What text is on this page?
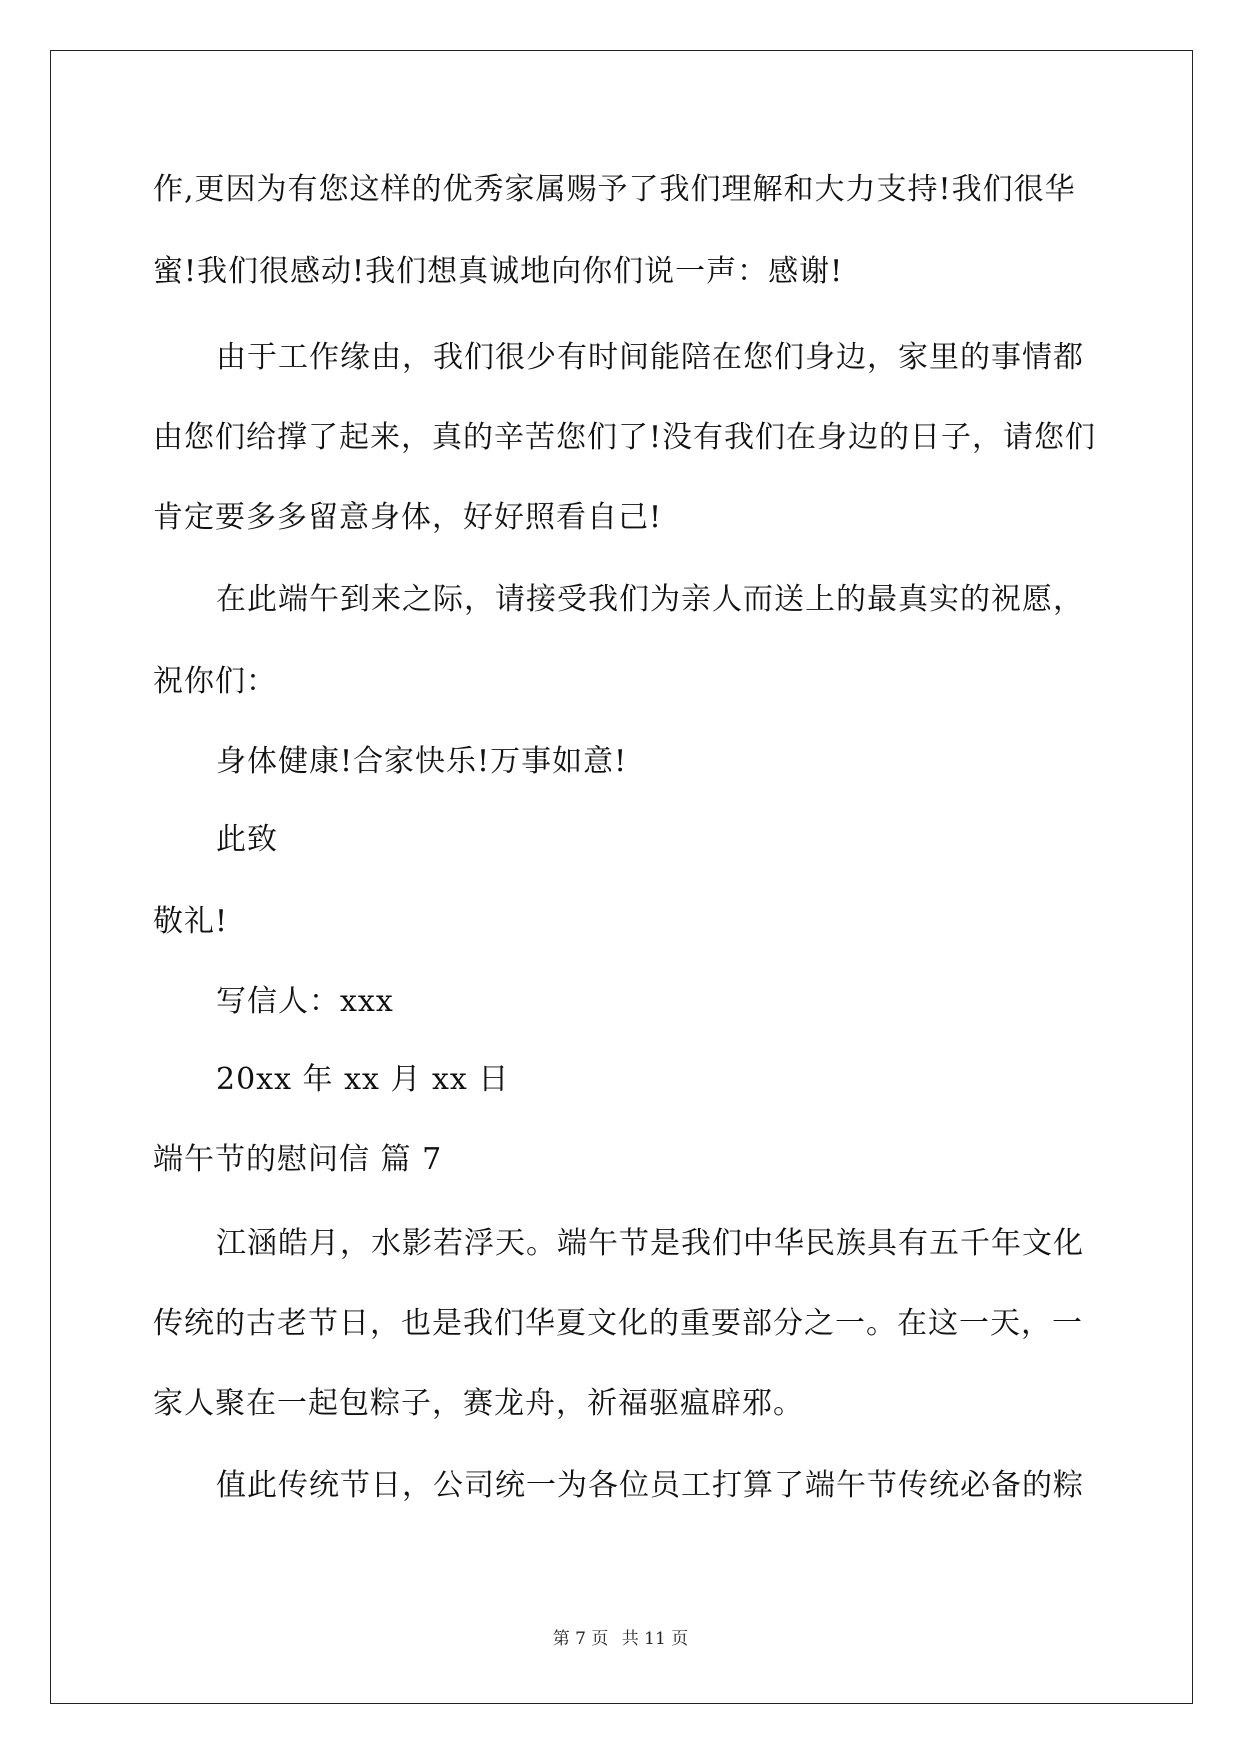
作,更因为有您这样的优秀家属赐予了我们理解和大力支持!我们很华
蜜!我们很感动!我们想真诚地向你们说一声：感谢!
由于工作缘由，我们很少有时间能陪在您们身边，家里的事情都
由您们给撑了起来，真的辛苦您们了!没有我们在身边的日子，请您们
肯定要多多留意身体，好好照看自己!
在此端午到来之际，请接受我们为亲人而送上的最真实的祝愿，
祝你们：
身体健康!合家快乐!万事如意!
此致
敬礼!
写信人：xxx
20xx 年 xx 月 xx 日
端午节的慰问信 篇 7
江涵皓月，水影若浮天。端午节是我们中华民族具有五千年文化
传统的古老节日，也是我们华夏文化的重要部分之一。在这一天，一
家人聚在一起包粽子，赛龙舟，祈福驱瘟辟邪。
值此传统节日，公司统一为各位员工打算了端午节传统必备的粽
第 7 页 共 11 页
